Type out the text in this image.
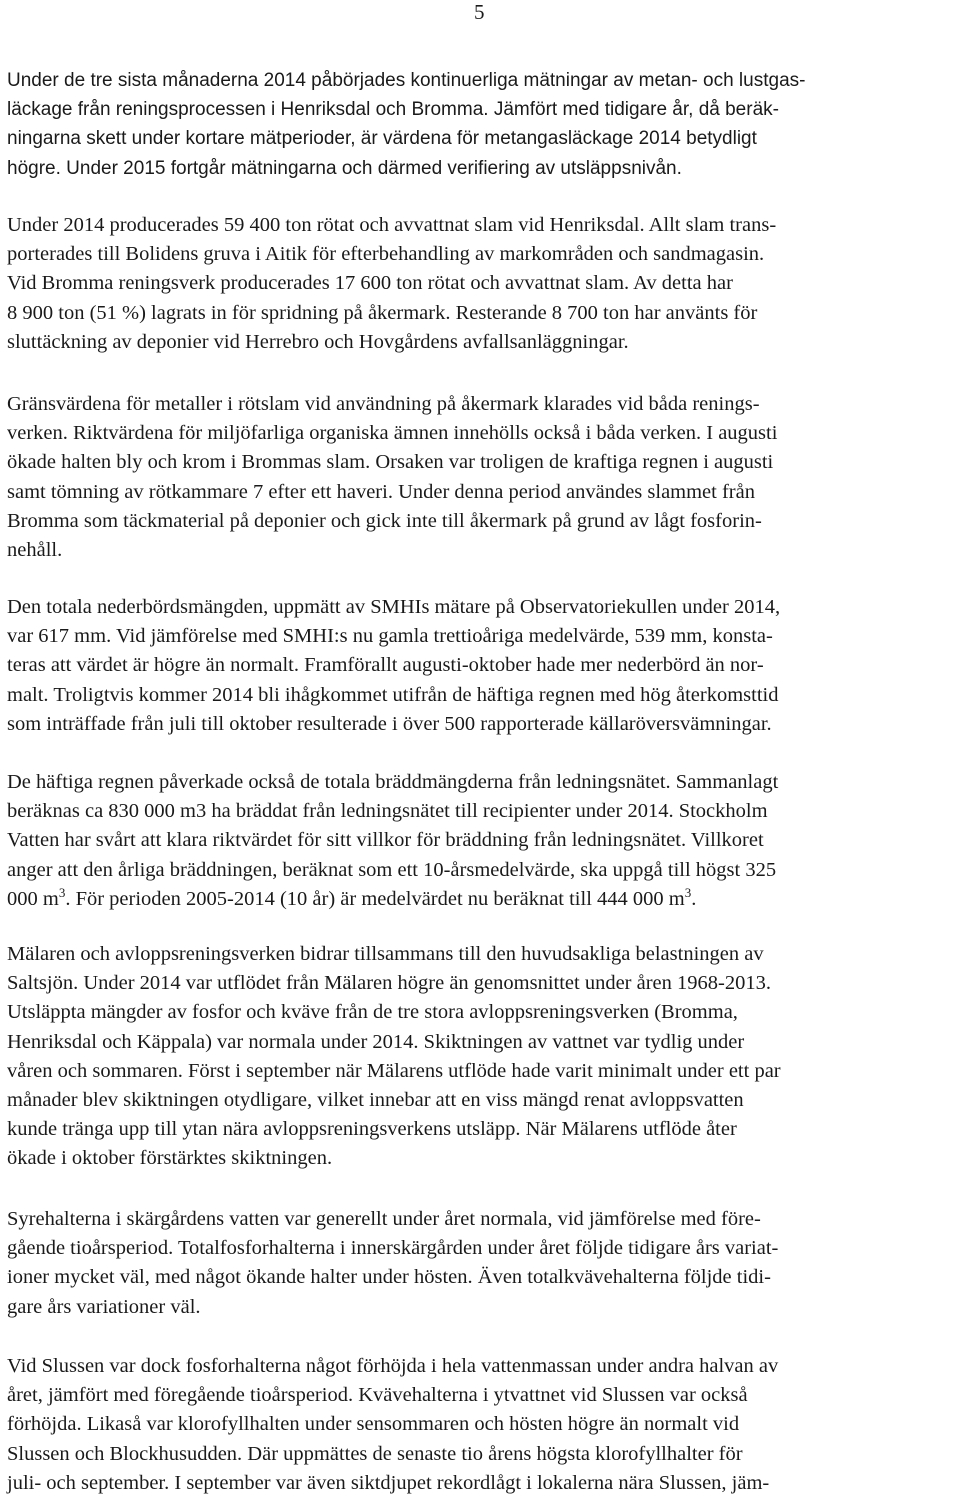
5

Under de tre sista månaderna 2014 påbörjades kontinuerliga mätningar av metan- och lustgas-
läckage från reningsprocessen i Henriksdal och Bromma. Jämfört med tidigare år, då beräk-
ningarna skett under kortare mätperioder, är värdena för metangasläckage 2014 betydligt
högre. Under 2015 fortgår mätningarna och därmed verifiering av utsläppsnivån.

Under 2014 producerades 59 400 ton rötat och avvattnat slam vid Henriksdal. Allt slam trans-
porterades till Bolidens gruva i Aitik för efterbehandling av markområden och sandmagasin.
Vid Bromma reningsverk producerades 17 600 ton rötat och avvattnat slam. Av detta har
8 900 ton (51 %) lagrats in för spridning på åkermark. Resterande 8 700 ton har använts för
sluttäckning av deponier vid Herrebro och Hovgårdens avfallsanläggningar.

Gränsvärdena för metaller i rötslam vid användning på åkermark klarades vid båda renings-
verken. Riktvärdena för miljöfarliga organiska ämnen innehölls också i båda verken. I augusti
ökade halten bly och krom i Brommas slam. Orsaken var troligen de kraftiga regnen i augusti
samt tömning av rötkammare 7 efter ett haveri. Under denna period användes slammet från
Bromma som täckmaterial på deponier och gick inte till åkermark på grund av lågt fosforin-
nehåll.

Den totala nederbördsmängden, uppmätt av SMHIs mätare på Observatoriekullen under 2014,
var 617 mm. Vid jämförelse med SMHI:s nu gamla trettioåriga medelvärde, 539 mm, konsta-
teras att värdet är högre än normalt. Framförallt augusti-oktober hade mer nederbörd än nor-
malt. Troligtvis kommer 2014 bli ihågkommet utifrån de häftiga regnen med hög återkomsttid
som inträffade från juli till oktober resulterade i över 500 rapporterade källaröversvämningar.

De häftiga regnen påverkade också de totala bräddmängderna från ledningsnätet. Sammanlagt
beräknas ca 830 000 m3 ha bräddat från ledningsnätet till recipienter under 2014. Stockholm
Vatten har svårt att klara riktvärdet för sitt villkor för bräddning från ledningsnätet. Villkoret
anger att den årliga bräddningen, beräknat som ett 10-årsmedelvärde, ska uppgå till högst 325
000 $m^3$. För perioden 2005-2014 (10 år) är medelvärdet nu beräknat till 444 000 $m^3$.

Mälaren och avloppsreningsverken bidrar tillsammans till den huvudsakliga belastningen av
Saltsjön. Under 2014 var utflödet från Mälaren högre än genomsnittet under åren 1968-2013.
Utsläppta mängder av fosfor och kväve från de tre stora avloppsreningsverken (Bromma,
Henriksdal och Käppala) var normala under 2014. Skiktningen av vattnet var tydlig under
våren och sommaren. Först i september när Mälarens utflöde hade varit minimalt under ett par
månader blev skiktningen otydligare, vilket innebar att en viss mängd renat avloppsvatten
kunde tränga upp till ytan nära avloppsreningsverkens utsläpp. När Mälarens utflöde åter
ökade i oktober förstärktes skiktningen.

Syrehalterna i skärgårdens vatten var generellt under året normala, vid jämförelse med före-
gående tioårsperiod. Totalfosforhalterna i innerskärgården under året följde tidigare års variat-
ioner mycket väl, med något ökande halter under hösten. Även totalkvävehalterna följde tidi-
gare års variationer väl.

Vid Slussen var dock fosforhalterna något förhöjda i hela vattenmassan under andra halvan av
året, jämfört med föregående tioårsperiod. Kvävehalterna i ytvattnet vid Slussen var också
förhöjda. Likaså var klorofyllhalten under sensommaren och hösten högre än normalt vid
Slussen och Blockhusudden. Där uppmättes de senaste tio årens högsta klorofyllhalter för
juli- och september. I september var även siktdjupet rekordlågt i lokalerna nära Slussen, jäm-
